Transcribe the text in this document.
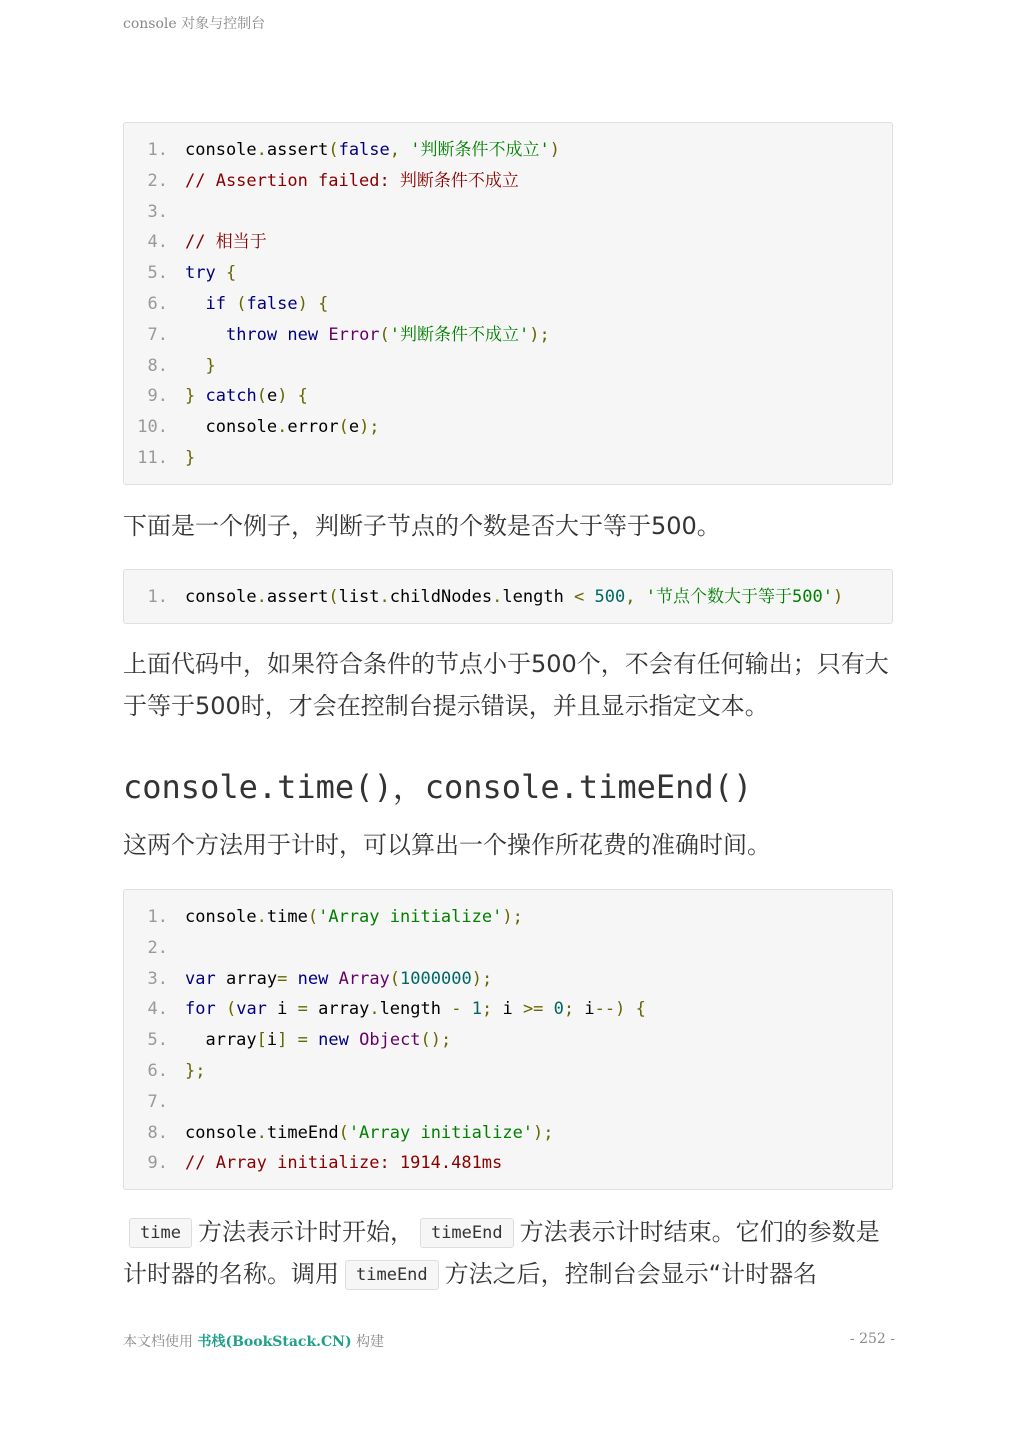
console 对象与控制台
1. console.assert(false, '判断条件不成立')
2. // Assertion failed: 判断条件不成立
3.
4. // 相当于
5. try {
6. if (false) {
7.	throw new Error('判断条件不成立');
8.  }
9. } catch(e) {
10.  console.error(e);
11. }

下面是一个例子，判断子节点的个数是否大于等于500。

1. console.assert(list.childNodes.length < 500, '节点个数大于等于500')

上面代码中，如果符合条件的节点小于500个，不会有任何输出；只有大于等于500时，才会在控制台提示错误，并且显示指定文本。

console.time()，console.timeEnd()

这两个方法用于计时，可以算出一个操作所花费的准确时间。

1. console.time('Array initialize');
2.
3. var array= new Array(1000000);
4. for (var i = array.length - 1; i >= 0; i--) {
5.  array[i] = new Object();
6. };
7.
8. console.timeEnd('Array initialize');
9. // Array initialize: 1914.481ms

time 方法表示计时开始， timeEnd 方法表示计时结束。它们的参数是计时器的名称。调用 timeEnd 方法之后，控制台会显示“计时器名

本文档使用 书栈(BookStack.CN) 构建	- 252 -
